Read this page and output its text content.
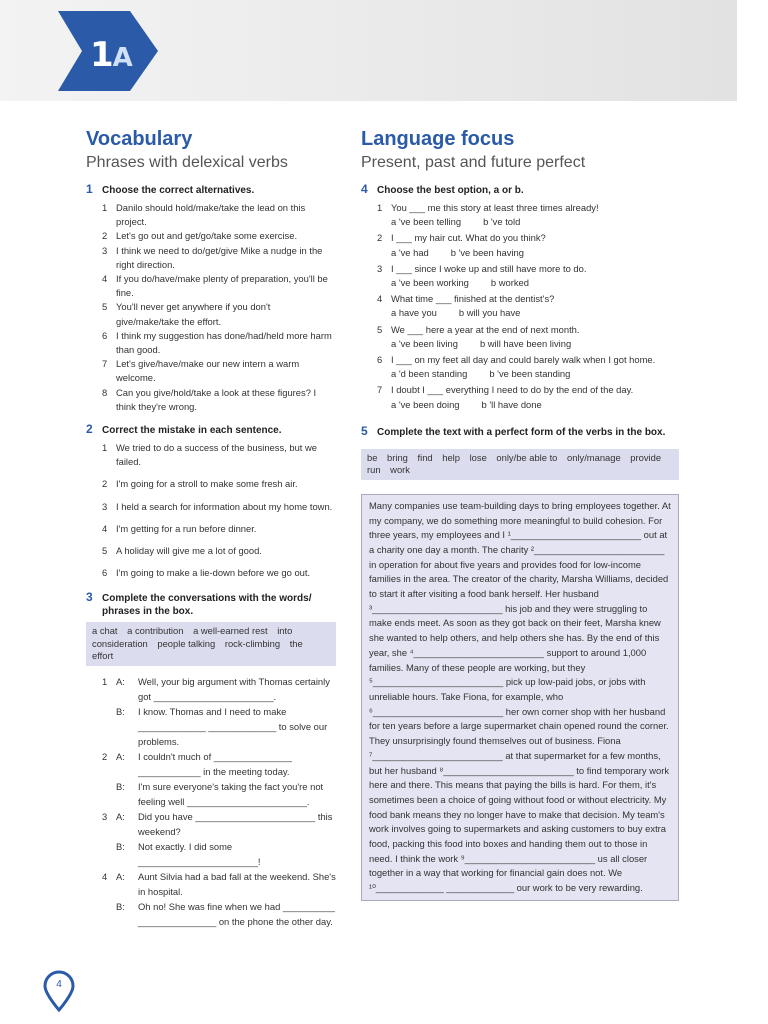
1A
Vocabulary
Phrases with delexical verbs
1 Choose the correct alternatives.
1 Danilo should hold/make/take the lead on this project.
2 Let's go out and get/go/take some exercise.
3 I think we need to do/get/give Mike a nudge in the right direction.
4 If you do/have/make plenty of preparation, you'll be fine.
5 You'll never get anywhere if you don't give/make/take the effort.
6 I think my suggestion has done/had/held more harm than good.
7 Let's give/have/make our new intern a warm welcome.
8 Can you give/hold/take a look at these figures? I think they're wrong.
2 Correct the mistake in each sentence.
1 We tried to do a success of the business, but we failed.
2 I'm going for a stroll to make some fresh air.
3 I held a search for information about my home town.
4 I'm getting for a run before dinner.
5 A holiday will give me a lot of good.
6 I'm going to make a lie-down before we go out.
3 Complete the conversations with the words/ phrases in the box.
a chat a contribution a well-earned rest into consideration people talking rock-climbing the effort
1 A: Well, your big argument with Thomas certainly got _______________________.
B: I know. Thomas and I need to make _____________ _____________ to solve our problems.
2 A: I couldn't much of _______________ ____________ in the meeting today.
B: I'm sure everyone's taking the fact you're not feeling well _______________________.
3 A: Did you have _______________________ this weekend?
B: Not exactly. I did some _______________________!
4 A: Aunt Silvia had a bad fall at the weekend. She's in hospital.
B: Oh no! She was fine when we had __________ _______________ on the phone the other day.
Language focus
Present, past and future perfect
4 Choose the best option, a or b.
1 You ___ me this story at least three times already!
a 've been telling b 've told
2 I ___ my hair cut. What do you think?
a 've had b 've been having
3 I ___ since I woke up and still have more to do.
a 've been working b worked
4 What time ___ finished at the dentist's?
a have you b will you have
5 We ___ here a year at the end of next month.
a 've been living b will have been living
6 I ___ on my feet all day and could barely walk when I got home.
a 'd been standing b 've been standing
7 I doubt I ___ everything I need to do by the end of the day.
a 've been doing b 'll have done
5 Complete the text with a perfect form of the verbs in the box.
be bring find help lose only/be able to only/manage provide run work
Many companies use team-building days to bring employees together. At my company, we do something more meaningful to build cohesion. For three years, my employees and I ¹_________________________ out at a charity one day a month. The charity ²_________________________ in operation for about five years and provides food for low-income families in the area. The creator of the charity, Marsha Williams, decided to start it after visiting a food bank herself. Her husband ³_________________________ his job and they were struggling to make ends meet. As soon as they got back on their feet, Marsha knew she wanted to help others, and help others she has. By the end of this year, she ⁴_________________________ support to around 1,000 families. Many of these people are working, but they ⁵_________________________ pick up low-paid jobs, or jobs with unreliable hours. Take Fiona, for example, who ⁶_________________________ her own corner shop with her husband for ten years before a large supermarket chain opened round the corner. They unsurprisingly found themselves out of business. Fiona ⁷_________________________ at that supermarket for a few months, but her husband ⁸_________________________ to find temporary work here and there. This means that paying the bills is hard. For them, it's sometimes been a choice of going without food or without electricity. My food bank means they no longer have to make that decision. My team's work involves going to supermarkets and asking customers to buy extra food, packing this food into boxes and handing them out to those in need. I think the work ⁹_________________________ us all closer together in a way that working for financial gain does not. We ¹⁰_____________ _____________ our work to be very rewarding.
4
